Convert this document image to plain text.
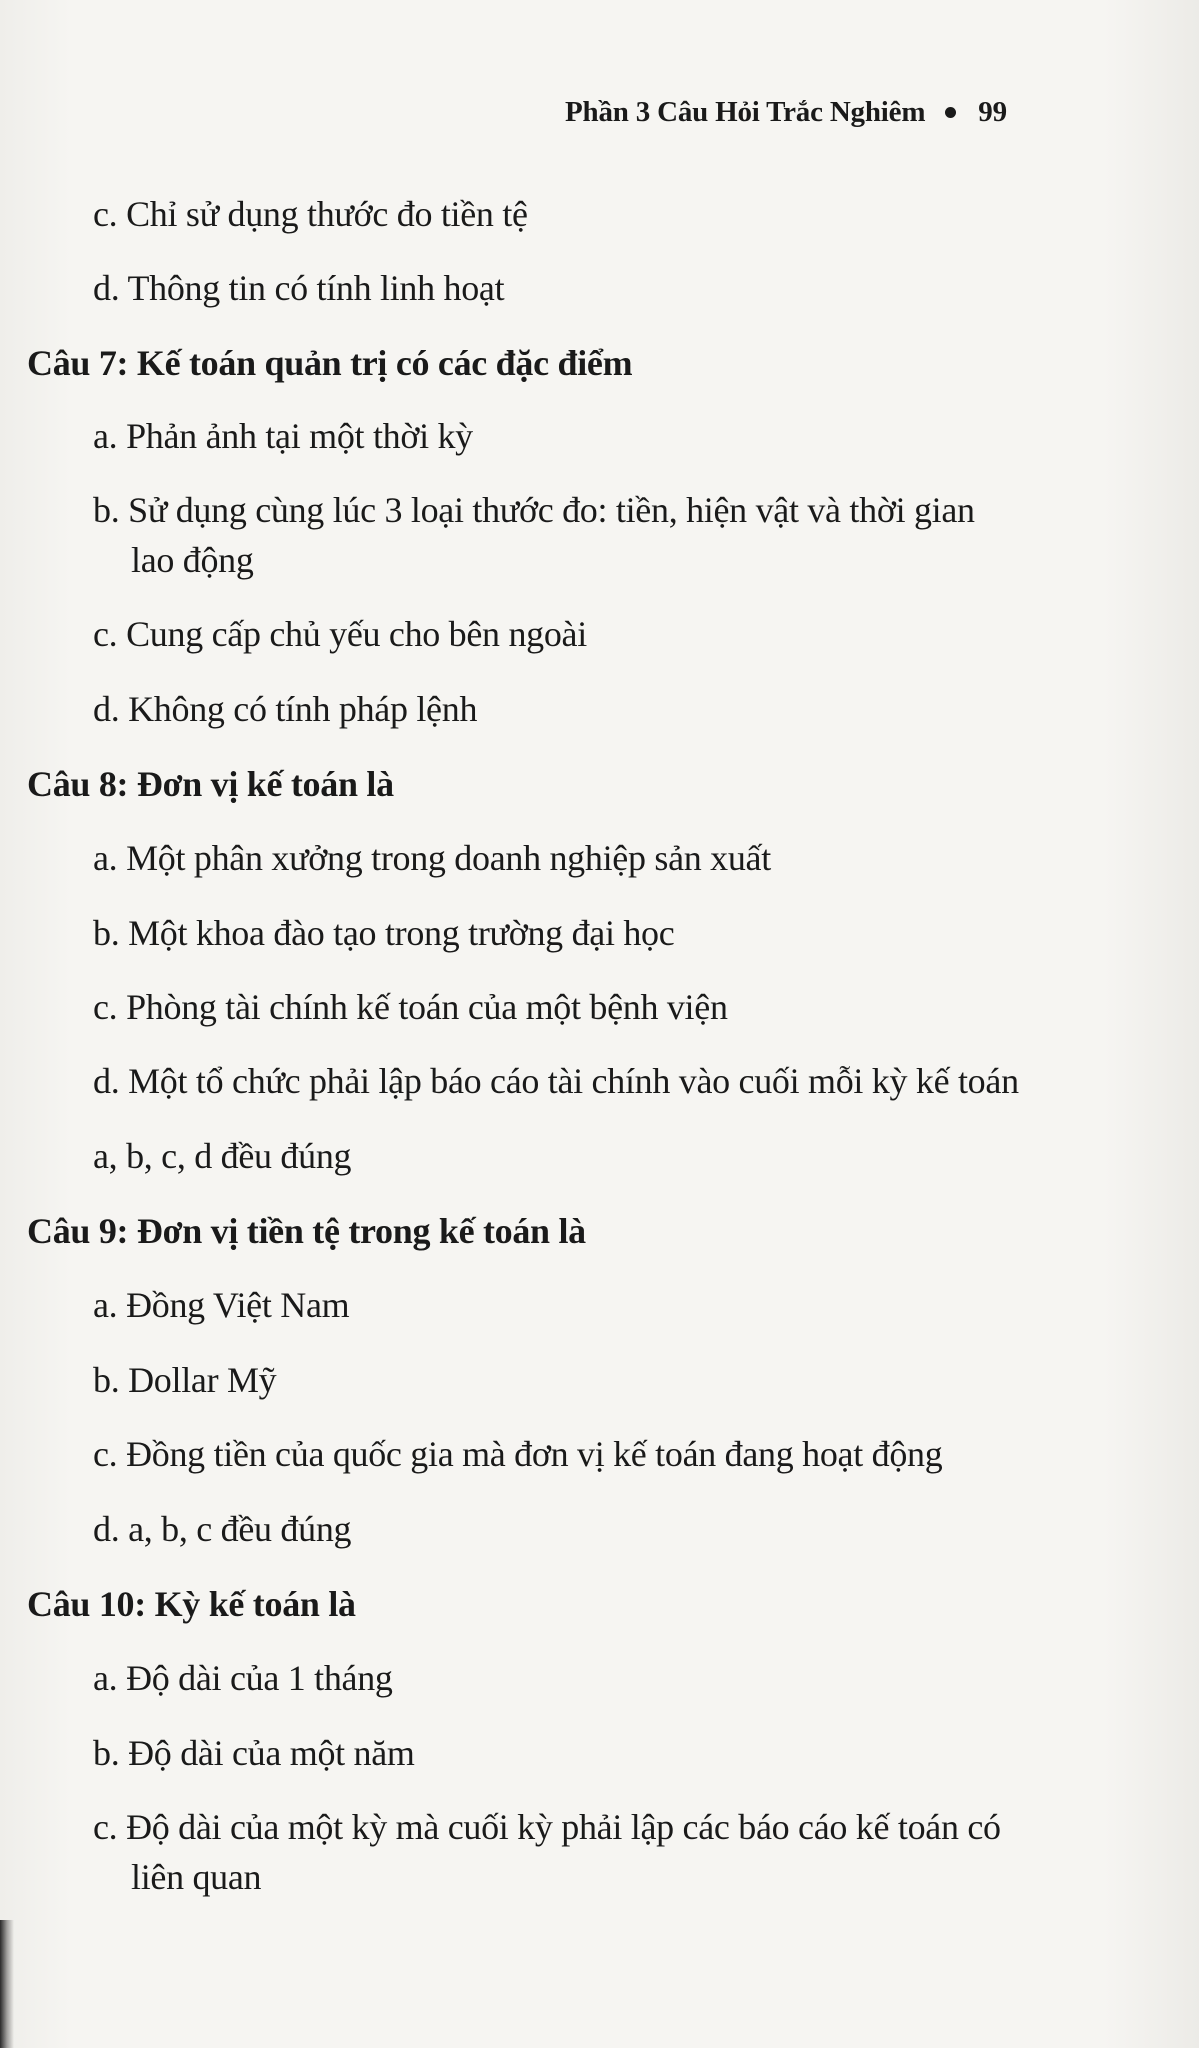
Phần 3 Câu Hỏi Trắc Nghiêm 99
c. Chỉ sử dụng thước đo tiền tệ
d. Thông tin có tính linh hoạt
Câu 7: Kế toán quản trị có các đặc điểm
a. Phản ảnh tại một thời kỳ
b. Sử dụng cùng lúc 3 loại thước đo: tiền, hiện vật và thời gian
lao động
c. Cung cấp chủ yếu cho bên ngoài
d. Không có tính pháp lệnh
Câu 8: Đơn vị kế toán là
a. Một phân xưởng trong doanh nghiệp sản xuất
b. Một khoa đào tạo trong trường đại học
c. Phòng tài chính kế toán của một bệnh viện
d. Một tổ chức phải lập báo cáo tài chính vào cuối mỗi kỳ kế toán
a, b, c, d đều đúng
Câu 9: Đơn vị tiền tệ trong kế toán là
a. Đồng Việt Nam
b. Dollar Mỹ
c. Đồng tiền của quốc gia mà đơn vị kế toán đang hoạt động
d. a, b, c đều đúng
Câu 10: Kỳ kế toán là
a. Độ dài của 1 tháng
b. Độ dài của một năm
c. Độ dài của một kỳ mà cuối kỳ phải lập các báo cáo kế toán có
liên quan
